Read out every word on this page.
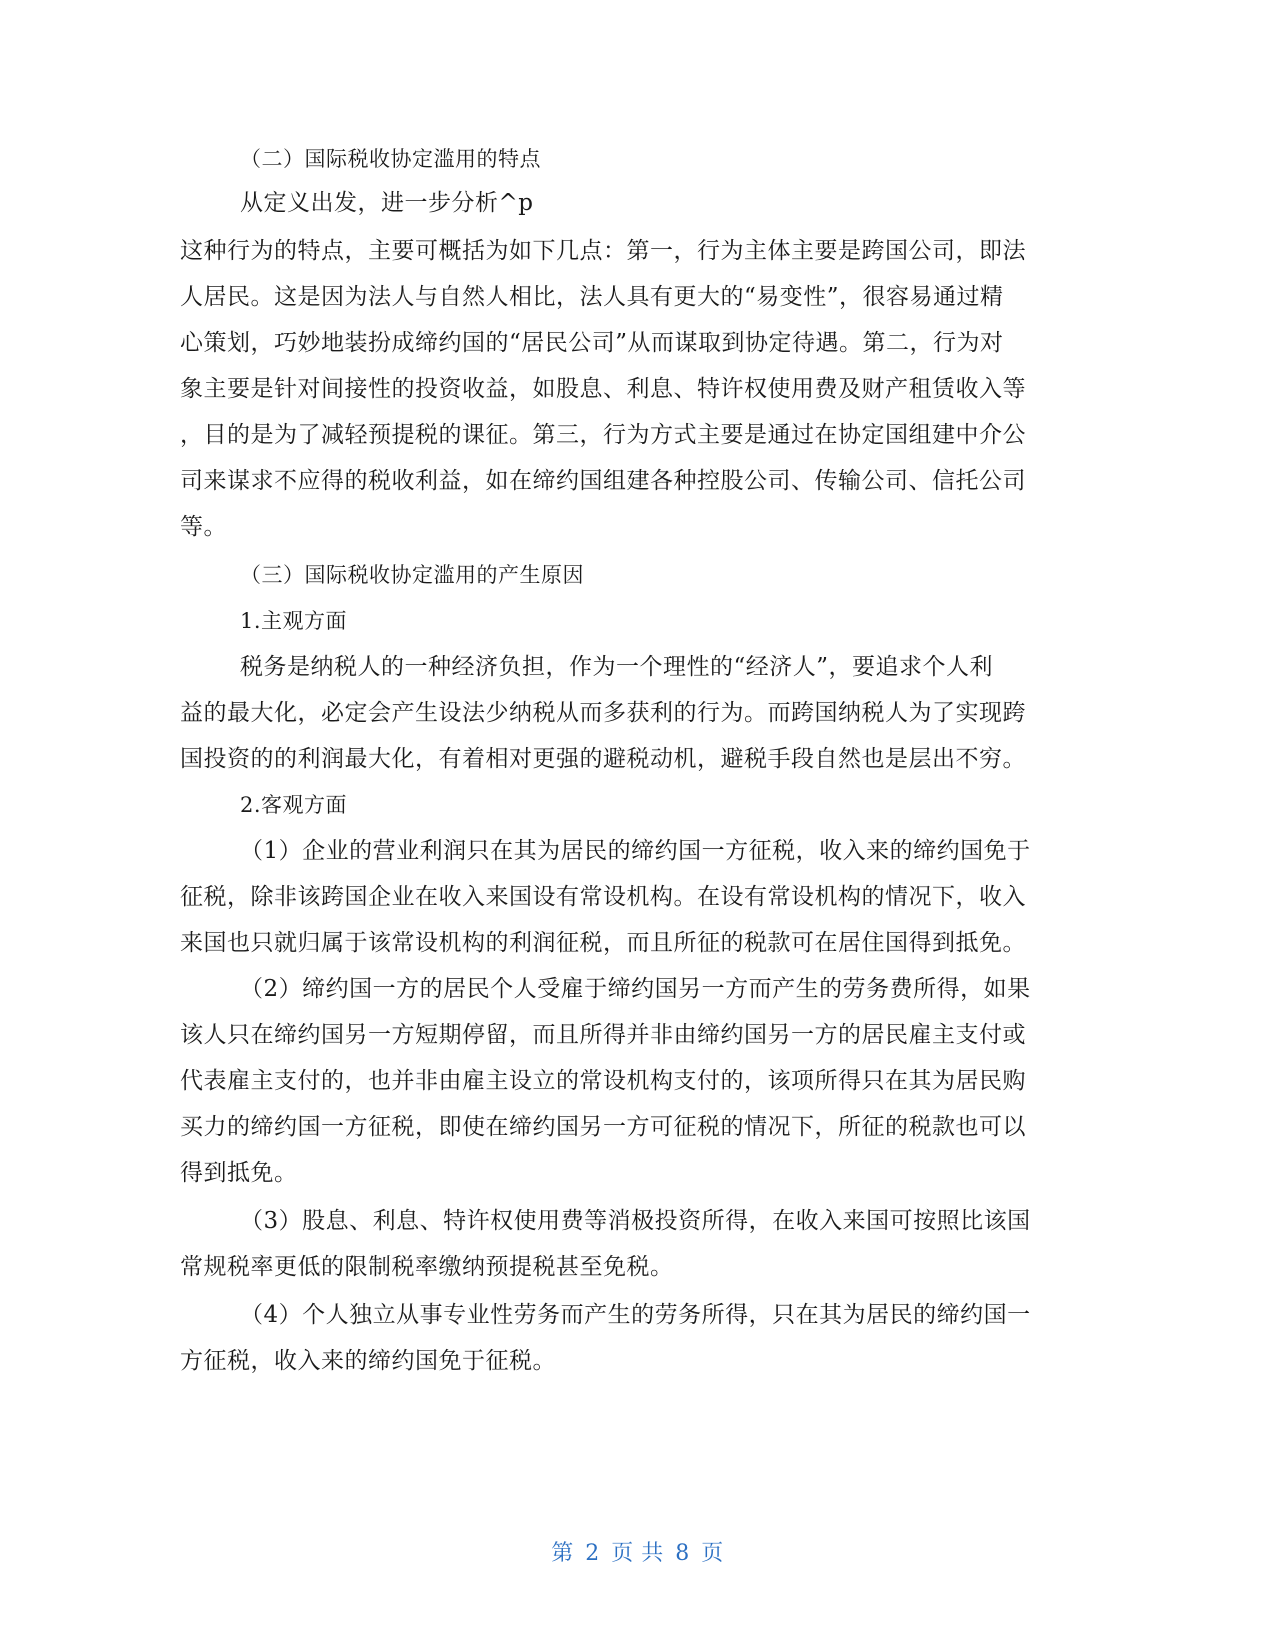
（二）国际税收协定滥用的特点
从定义出发，进一步分析^p
这种行为的特点，主要可概括为如下几点：第一，行为主体主要是跨国公司，即法
人居民。这是因为法人与自然人相比，法人具有更大的“易变性”，很容易通过精
心策划，巧妙地装扮成缔约国的“居民公司”从而谋取到协定待遇。第二，行为对
象主要是针对间接性的投资收益，如股息、利息、特许权使用费及财产租赁收入等
，目的是为了减轻预提税的课征。第三，行为方式主要是通过在协定国组建中介公
司来谋求不应得的税收利益，如在缔约国组建各种控股公司、传输公司、信托公司
等。
（三）国际税收协定滥用的产生原因
1.主观方面
税务是纳税人的一种经济负担，作为一个理性的“经济人”，要追求个人利
益的最大化，必定会产生设法少纳税从而多获利的行为。而跨国纳税人为了实现跨
国投资的的利润最大化，有着相对更强的避税动机，避税手段自然也是层出不穷。
2.客观方面
（1）企业的营业利润只在其为居民的缔约国一方征税，收入来的缔约国免于
征税，除非该跨国企业在收入来国设有常设机构。在设有常设机构的情况下，收入
来国也只就归属于该常设机构的利润征税，而且所征的税款可在居住国得到抵免。
（2）缔约国一方的居民个人受雇于缔约国另一方而产生的劳务费所得，如果
该人只在缔约国另一方短期停留，而且所得并非由缔约国另一方的居民雇主支付或
代表雇主支付的，也并非由雇主设立的常设机构支付的，该项所得只在其为居民购
买力的缔约国一方征税，即使在缔约国另一方可征税的情况下，所征的税款也可以
得到抵免。
（3）股息、利息、特许权使用费等消极投资所得，在收入来国可按照比该国
常规税率更低的限制税率缴纳预提税甚至免税。
（4）个人独立从事专业性劳务而产生的劳务所得，只在其为居民的缔约国一
方征税，收入来的缔约国免于征税。
第 2 页 共 8 页
